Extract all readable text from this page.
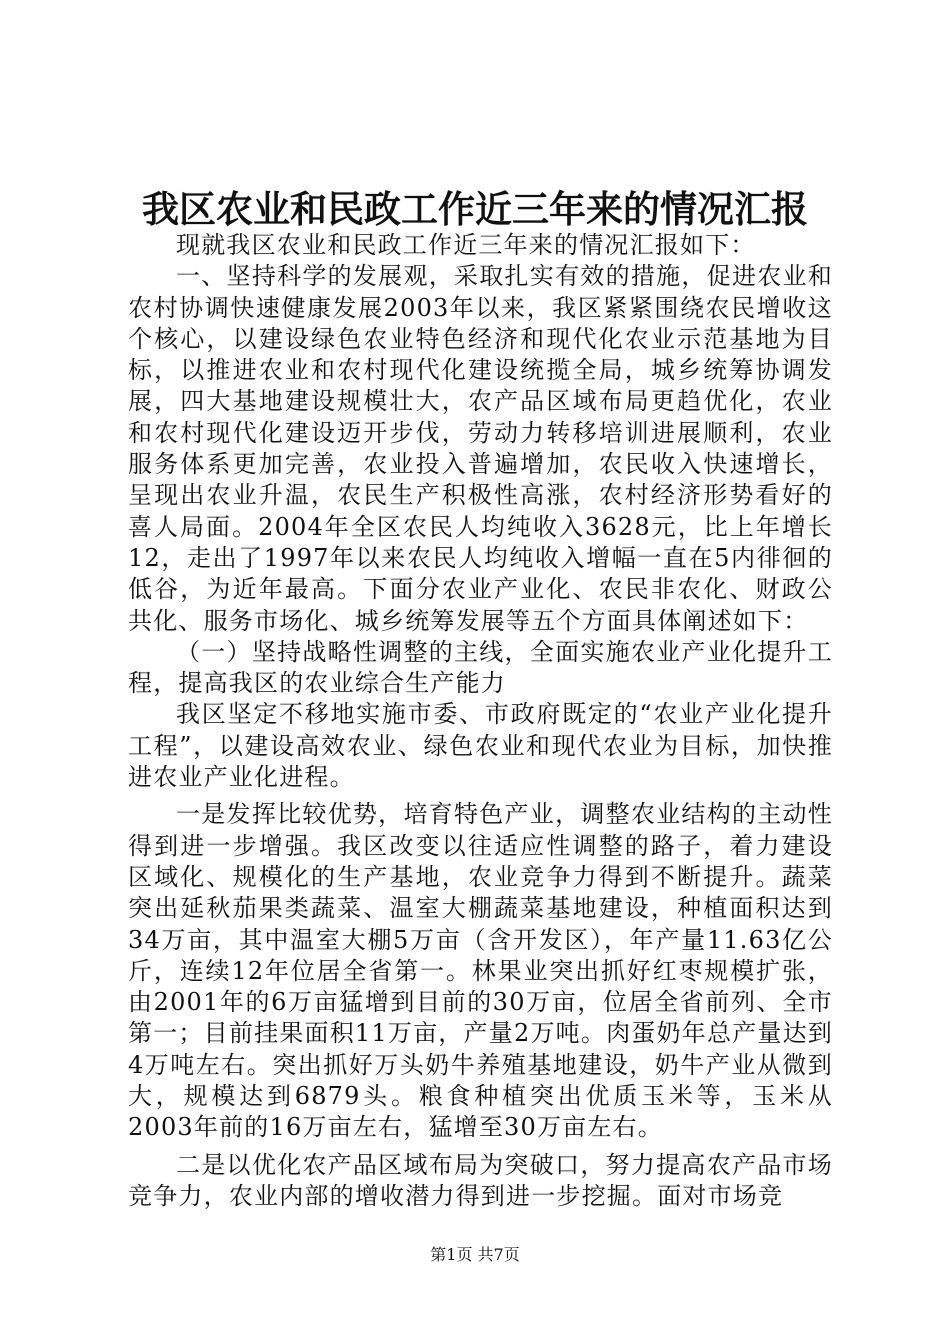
我区农业和民政工作近三年来的情况汇报

现就我区农业和民政工作近三年来的情况汇报如下：

一、坚持科学的发展观，采取扎实有效的措施，促进农业和农村协调快速健康发展2003年以来，我区紧紧围绕农民增收这个核心，以建设绿色农业特色经济和现代化农业示范基地为目标，以推进农业和农村现代化建设统揽全局，城乡统筹协调发展，四大基地建设规模壮大，农产品区域布局更趋优化，农业和农村现代化建设迈开步伐，劳动力转移培训进展顺利，农业服务体系更加完善，农业投入普遍增加，农民收入快速增长，呈现出农业升温，农民生产积极性高涨，农村经济形势看好的喜人局面。2004年全区农民人均纯收入3628元，比上年增长12，走出了1997年以来农民人均纯收入增幅一直在5内徘徊的低谷，为近年最高。下面分农业产业化、农民非农化、财政公共化、服务市场化、城乡统筹发展等五个方面具体阐述如下：

（一）坚持战略性调整的主线，全面实施农业产业化提升工程，提高我区的农业综合生产能力

我区坚定不移地实施市委、市政府既定的“农业产业化提升工程”，以建设高效农业、绿色农业和现代农业为目标，加快推进农业产业化进程。

一是发挥比较优势，培育特色产业，调整农业结构的主动性得到进一步增强。我区改变以往适应性调整的路子，着力建设区域化、规模化的生产基地，农业竞争力得到不断提升。蔬菜突出延秋茄果类蔬菜、温室大棚蔬菜基地建设，种植面积达到34万亩，其中温室大棚5万亩（含开发区），年产量11.63亿公斤，连续12年位居全省第一。林果业突出抓好红枣规模扩张，由2001年的6万亩猛增到目前的30万亩，位居全省前列、全市第一；目前挂果面积11万亩，产量2万吨。肉蛋奶年总产量达到4万吨左右。突出抓好万头奶牛养殖基地建设，奶牛产业从微到大，规模达到6879头。粮食种植突出优质玉米等，玉米从2003年前的16万亩左右，猛增至30万亩左右。

二是以优化农产品区域布局为突破口，努力提高农产品市场竞争力，农业内部的增收潜力得到进一步挖掘。面对市场竞

第1页 共7页
